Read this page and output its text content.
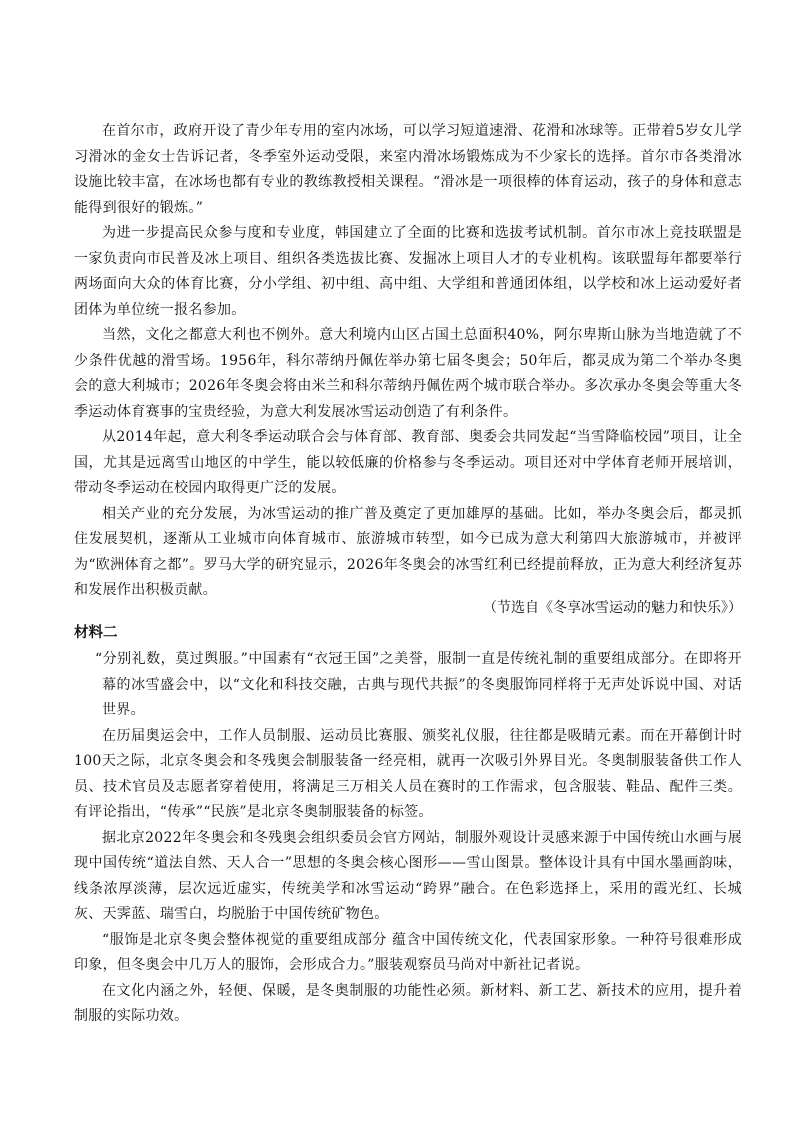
在首尔市，政府开设了青少年专用的室内冰场，可以学习短道速滑、花滑和冰球等。正带着5岁女儿学习滑冰的金女士告诉记者，冬季室外运动受限，来室内滑冰场锻炼成为不少家长的选择。首尔市各类滑冰设施比较丰富，在冰场也都有专业的教练教授相关课程。“滑冰是一项很棒的体育运动，孩子的身体和意志能得到很好的锻炼。”

为进一步提高民众参与度和专业度，韩国建立了全面的比赛和选拔考试机制。首尔市冰上竞技联盟是一家负责向市民普及冰上项目、组织各类选拔比赛、发掘冰上项目人才的专业机构。该联盟每年都要举行两场面向大众的体育比赛，分小学组、初中组、高中组、大学组和普通团体组，以学校和冰上运动爱好者团体为单位统一报名参加。

当然，文化之都意大利也不例外。意大利境内山区占国土总面积40%，阿尔卑斯山脉为当地造就了不少条件优越的滑雪场。1956年，科尔蒂纳丹佩佐举办第七届冬奥会；50年后，都灵成为第二个举办冬奥会的意大利城市；2026年冬奥会将由米兰和科尔蒂纳丹佩佐两个城市联合举办。多次承办冬奥会等重大冬季运动体育赛事的宝贵经验，为意大利发展冰雪运动创造了有利条件。

从2014年起，意大利冬季运动联合会与体育部、教育部、奥委会共同发起“当雪降临校园”项目，让全国，尤其是远离雪山地区的中学生，能以较低廉的价格参与冬季运动。项目还对中学体育老师开展培训，带动冬季运动在校园内取得更广泛的发展。

相关产业的充分发展，为冰雪运动的推广普及奠定了更加雄厚的基础。比如，举办冬奥会后，都灵抓住发展契机，逐渐从工业城市向体育城市、旅游城市转型，如今已成为意大利第四大旅游城市，并被评为“欧洲体育之都”。罗马大学的研究显示，2026年冬奥会的冰雪红利已经提前释放，正为意大利经济复苏和发展作出积极贡献。

（节选自《冬享冰雪运动的魅力和快乐》）

材料二

“分别礼数，莫过舆服。”中国素有“衣冠王国”之美誉，服制一直是传统礼制的重要组成部分。在即将开幕的冰雪盛会中，以“文化和科技交融，古典与现代共振”的冬奥服饰同样将于无声处诉说中国、对话世界。

在历届奥运会中，工作人员制服、运动员比赛服、颁奖礼仪服，往往都是吸睛元素。而在开幕倒计时100天之际，北京冬奥会和冬残奥会制服装备一经亮相，就再一次吸引外界目光。冬奥制服装备供工作人员、技术官员及志愿者穿着使用，将满足三万相关人员在赛时的工作需求，包含服装、鞋品、配件三类。有评论指出，“传承”“民族”是北京冬奥制服装备的标签。

据北京2022年冬奥会和冬残奥会组织委员会官方网站，制服外观设计灵感来源于中国传统山水画与展现中国传统“道法自然、天人合一”思想的冬奥会核心图形——雪山图景。整体设计具有中国水墨画韵味，线条浓厚淡薄，层次远近虚实，传统美学和冰雪运动“跨界”融合。在色彩选择上，采用的霞光红、长城灰、天霁蓝、瑞雪白，均脱胎于中国传统矿物色。

“服饰是北京冬奥会整体视觉的重要组成部分 蕴含中国传统文化，代表国家形象。一种符号很难形成印象，但冬奥会中几万人的服饰，会形成合力。”服装观察员马尚对中新社记者说。

在文化内涵之外，轻便、保暖，是冬奥制服的功能性必须。新材料、新工艺、新技术的应用，提升着制服的实际功效。
